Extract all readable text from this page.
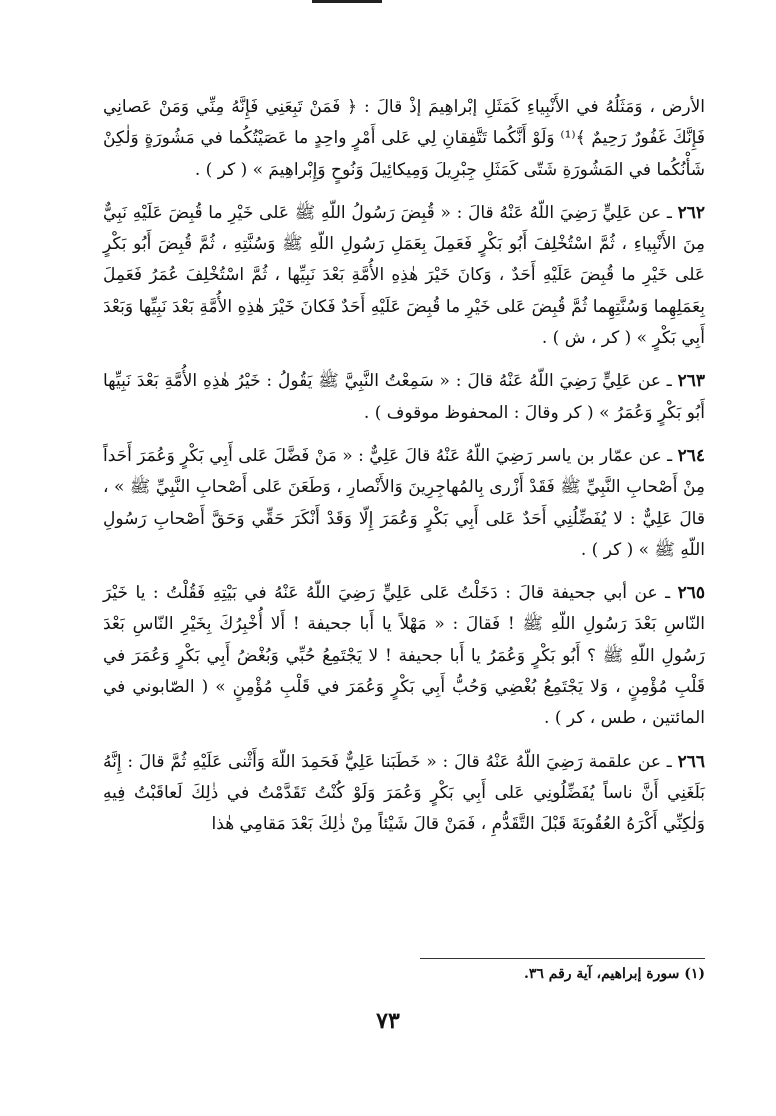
الأرض ، وَمَثَلُهُ في الأَنْبِياءِ كَمَثَلِ إبْراهِيمَ إذْ قالَ : ﴿ فَمَنْ تَبِعَنِي فَإِنَّهُ مِنِّي وَمَنْ عَصانِي فَإِنَّكَ غَفُورٌ رَحِيمٌ ﴾⁽¹⁾ وَلَوْ أَنَّكُما تَتَّفِقانِ لِي عَلى أَمْرٍ واحِدٍ ما عَصَيْتُكُما في مَشُورَةٍ وَلٰكِنْ شَأْنُكُما في المَشُورَةِ شَتّى كَمَثَلِ جِبْرِيلَ وَمِيكائِيلَ وَنُوحٍ وَإِبْراهِيمَ » ( كر ) .

٢٦٢ ـ عن عَلِيٍّ رَضِيَ اللّهُ عَنْهُ قالَ : « قُبِضَ رَسُولُ اللّهِ ﷺ عَلى خَيْرِ ما قُبِضَ عَلَيْهِ نَبِيٌّ مِنَ الأَنْبِياءِ ، ثُمَّ اسْتُخْلِفَ أَبُو بَكْرٍ فَعَمِلَ بِعَمَلِ رَسُولِ اللّهِ ﷺ وَسُنَّتِهِ ، ثُمَّ قُبِضَ أَبُو بَكْرٍ عَلى خَيْرِ ما قُبِضَ عَلَيْهِ أَحَدٌ ، وَكانَ خَيْرَ هٰذِهِ الأُمَّةِ بَعْدَ نَبِيِّها ، ثُمَّ اسْتُخْلِفَ عُمَرُ فَعَمِلَ بِعَمَلِهِما وَسُنَّتِهِما ثُمَّ قُبِضَ عَلى خَيْرِ ما قُبِضَ عَلَيْهِ أَحَدٌ فَكانَ خَيْرَ هٰذِهِ الأُمَّةِ بَعْدَ نَبِيِّها وَبَعْدَ أَبِي بَكْرٍ » ( كر ، ش ) .

٢٦٣ ـ عن عَلِيٍّ رَضِيَ اللّهُ عَنْهُ قالَ : « سَمِعْتُ النَّبِيَّ ﷺ يَقُولُ : خَيْرُ هٰذِهِ الأُمَّةِ بَعْدَ نَبِيِّها أَبُو بَكْرٍ وَعُمَرُ » ( كر وقالَ : المحفوظ موقوف ) .

٢٦٤ ـ عن عمّار بن ياسر رَضِيَ اللّهُ عَنْهُ قالَ عَلِيٌّ : « مَنْ فَضَّلَ عَلى أَبِي بَكْرٍ وَعُمَرَ أَحَداً مِنْ أَصْحابِ النَّبِيِّ ﷺ فَقَدْ أَزْرى بِالمُهاجِرِينَ وَالأَنْصارِ ، وَطَعَنَ عَلى أَصْحابِ النَّبِيِّ ﷺ » ، قالَ عَلِيٌّ : لا يُفَضِّلُنِي أَحَدٌ عَلى أَبِي بَكْرٍ وَعُمَرَ إِلّا وَقَدْ أَنْكَرَ حَقِّي وَحَقَّ أَصْحابِ رَسُولِ اللّهِ ﷺ » ( كر ) .

٢٦٥ ـ عن أبي جحيفة قالَ : دَخَلْتُ عَلى عَلِيٍّ رَضِيَ اللّهُ عَنْهُ في بَيْتِهِ فَقُلْتُ : يا خَيْرَ النّاسِ بَعْدَ رَسُولِ اللّهِ ﷺ ! فَقالَ : « مَهْلاً يا أَبا جحيفة ! أَلا أُخْبِرُكَ بِخَيْرِ النّاسِ بَعْدَ رَسُولِ اللّهِ ﷺ ؟ أَبُو بَكْرٍ وَعُمَرُ يا أَبا جحيفة ! لا يَجْتَمِعُ حُبِّي وَبُغْضُ أَبِي بَكْرٍ وَعُمَرَ في قَلْبِ مُؤْمِنٍ ، وَلا يَجْتَمِعُ بُغْضِي وَحُبُّ أَبِي بَكْرٍ وَعُمَرَ في قَلْبِ مُؤْمِنٍ » ( الصّابوني في المائتين ، طس ، كر ) .

٢٦٦ ـ عن علقمة رَضِيَ اللّهُ عَنْهُ قالَ : « خَطَبَنا عَلِيٌّ فَحَمِدَ اللّهَ وَأَثْنى عَلَيْهِ ثُمَّ قالَ : إِنَّهُ بَلَغَنِي أَنَّ ناساً يُفَضِّلُونِي عَلى أَبِي بَكْرٍ وَعُمَرَ وَلَوْ كُنْتُ تَقَدَّمْتُ في ذٰلِكَ لَعاقَبْتُ فِيهِ وَلٰكِنِّي أَكْرَهُ العُقُوبَةَ قَبْلَ التَّقَدُّمِ ، فَمَنْ قالَ شَيْئاً مِنْ ذٰلِكَ بَعْدَ مَقامِي هٰذا

(١) سورة إبراهيم، آية رقم ٣٦.
٧٣
